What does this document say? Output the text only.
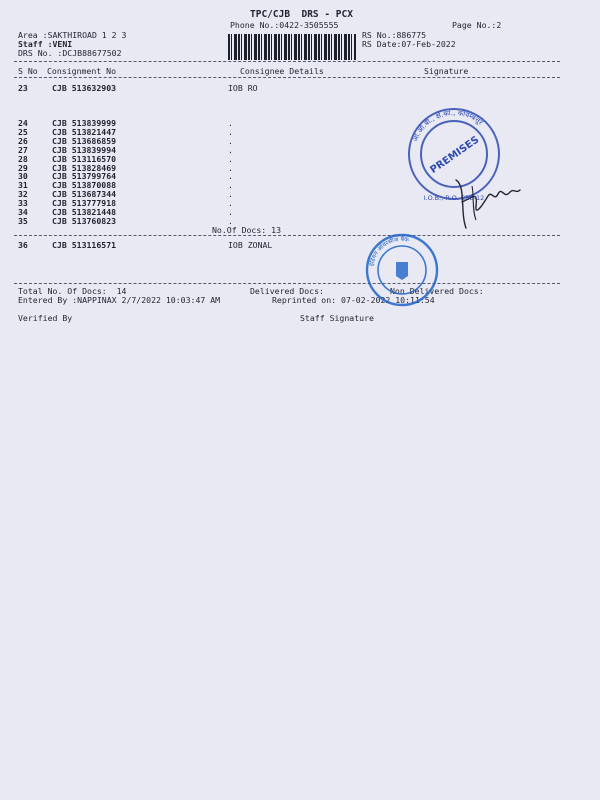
TPC/CJB  DRS - PCX
Phone No.:0422-3505555	Page No.:2
Area :SAKTHIROAD 1 2 3
Staff :VENI
DRS No. :DCJB88677502
RS No.:886775
RS Date:07-Feb-2022
S No Consignment No	Consignee Details	Signature
23	CJB 513632903	IOB RO
24	CJB 513839999	.
25	CJB 513821447	.
26	CJB 513686859	.
27	CJB 513839994	.
28	CJB 513116570	.
29	CJB 513828469	.
30	CJB 513799764	.
31	CJB 513870088	.
32	CJB 513687344	.
33	CJB 513777918	.
34	CJB 513821448	.
35	CJB 513760823	.
No.Of Docs: 13
36	CJB 513116571	IOB ZONAL
Total No. Of Docs:  14	Delivered Docs:	Non Delivered Docs:
Entered By :NAPPINAX 2/7/2022 10:03:47 AM	Reprinted on: 07-02-2022 10:11:54
Verified By	Staff Signature
आ.ओ.बी., क्षे.का., कोयम्बत्तूर
PREMISES
I.O.B., R.O. CBE-12
इंडियन ओवरसीज बैंक
